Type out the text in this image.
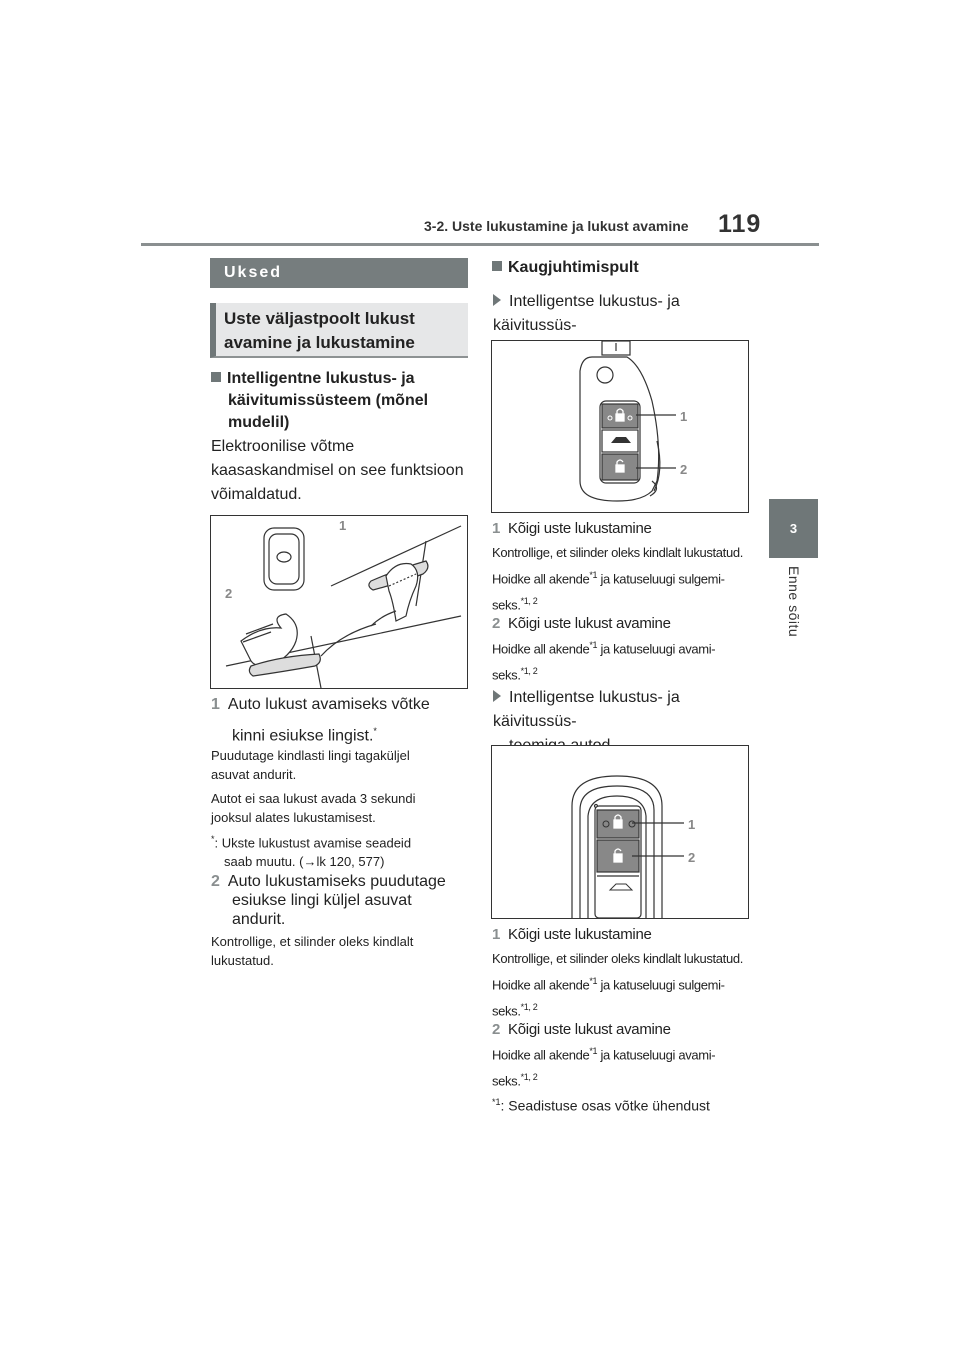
3-2. Uste lukustamine ja lukust avamine 119
3
Enne sõitu
Uksed
Uste väljastpoolt lukust
avamine ja lukustamine
Intelligentne lukustus- ja
käivitumissüsteem (mõnel
mudelil)
Elektroonilise võtme
kaasaskandmisel on see funktsioon
võimaldatud.
1
2
1 Auto lukust avamiseks võtke
kinni esiukse lingist.*
Puudutage kindlasti lingi tagaküljel
asuvat andurit.
Autot ei saa lukust avada 3 sekundi
jooksul alates lukustamisest.
*: Ukste lukustust avamise seadeid
saab muutu. (→lk 120, 577)
2 Auto lukustamiseks puudutage
esiukse lingi küljel asuvat
andurit.
Kontrollige, et silinder oleks kindlalt
lukustatud.
Kaugjuhtimispult
Intelligentse lukustus- ja käivitussüs-
1
2
1 Kõigi uste lukustamine
Kontrollige, et silinder oleks kindlalt lukustatud.
Hoidke all akende$^{*1}$ ja katuseluugi sulgemi-
seks.$^{*1, 2}$
2 Kõigi uste lukust avamine
Hoidke all akende$^{*1}$ ja katuseluugi avami-
seks.$^{*1, 2}$
Intelligentse lukustus- ja käivitussüs-
1
2
1 Kõigi uste lukustamine
Kontrollige, et silinder oleks kindlalt lukustatud.
Hoidke all akende$^{*1}$ ja katuseluugi sulgemi-
seks.$^{*1, 2}$
2 Kõigi uste lukust avamine
Hoidke all akende$^{*1}$ ja katuseluugi avami-
seks.$^{*1, 2}$
$^{*1}$: Seadistuse osas võtke ühendust
